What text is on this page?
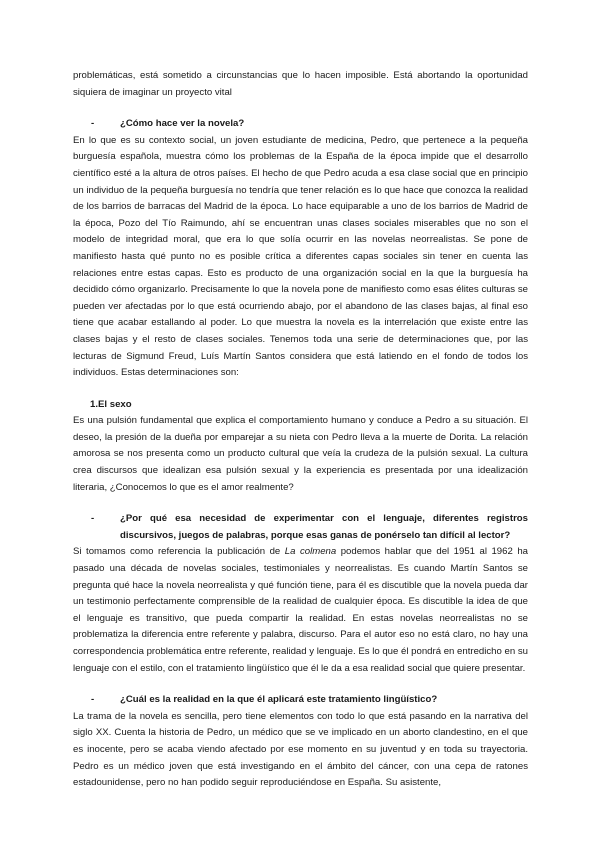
problemáticas, está sometido a circunstancias que lo hacen imposible. Está abortando la oportunidad siquiera de imaginar un proyecto vital

-	¿Cómo hace ver la novela?

En lo que es su contexto social, un joven estudiante de medicina, Pedro, que pertenece a la pequeña burguesía española, muestra cómo los problemas de la España de la época impide que el desarrollo científico esté a la altura de otros países. El hecho de que Pedro acuda a esa clase social que en principio un individuo de la pequeña burguesía no tendría que tener relación es lo que hace que conozca la realidad de los barrios de barracas del Madrid de la época. Lo hace equiparable a uno de los barrios de Madrid de la época, Pozo del Tío Raimundo, ahí se encuentran unas clases sociales miserables que no son el modelo de integridad moral, que era lo que solía ocurrir en las novelas neorrealistas. Se pone de manifiesto hasta qué punto no es posible crítica a diferentes capas sociales sin tener en cuenta las relaciones entre estas capas. Esto es producto de una organización social en la que la burguesía ha decidido cómo organizarlo. Precisamente lo que la novela pone de manifiesto como esas élites culturas se pueden ver afectadas por lo que está ocurriendo abajo, por el abandono de las clases bajas, al final eso tiene que acabar estallando al poder. Lo que muestra la novela es la interrelación que existe entre las clases bajas y el resto de clases sociales. Tenemos toda una serie de determinaciones que, por las lecturas de Sigmund Freud, Luís Martín Santos considera que está latiendo en el fondo de todos los individuos. Estas determinaciones son:

1. El sexo

Es una pulsión fundamental que explica el comportamiento humano y conduce a Pedro a su situación. El deseo, la presión de la dueña por emparejar a su nieta con Pedro lleva a la muerte de Dorita. La relación amorosa se nos presenta como un producto cultural que veía la crudeza de la pulsión sexual. La cultura crea discursos que idealizan esa pulsión sexual y la experiencia es presentada por una idealización literaria, ¿Conocemos lo que es el amor realmente?

-	¿Por qué esa necesidad de experimentar con el lenguaje, diferentes registros discursivos, juegos de palabras, porque esas ganas de ponérselo tan difícil al lector?

Si tomamos como referencia la publicación de La colmena podemos hablar que del 1951 al 1962 ha pasado una década de novelas sociales, testimoniales y neorrealistas. Es cuando Martín Santos se pregunta qué hace la novela neorrealista y qué función tiene, para él es discutible que la novela pueda dar un testimonio perfectamente comprensible de la realidad de cualquier época. Es discutible la idea de que el lenguaje es transitivo, que pueda compartir la realidad. En estas novelas neorrealistas no se problematiza la diferencia entre referente y palabra, discurso. Para el autor eso no está claro, no hay una correspondencia problemática entre referente, realidad y lenguaje. Es lo que él pondrá en entredicho en su lenguaje con el estilo, con el tratamiento lingüístico que él le da a esa realidad social que quiere presentar.

-	¿Cuál es la realidad en la que él aplicará este tratamiento lingüístico?

La trama de la novela es sencilla, pero tiene elementos con todo lo que está pasando en la narrativa del siglo XX. Cuenta la historia de Pedro, un médico que se ve implicado en un aborto clandestino, en el que es inocente, pero se acaba viendo afectado por ese momento en su juventud y en toda su trayectoria. Pedro es un médico joven que está investigando en el ámbito del cáncer, con una cepa de ratones estadounidense, pero no han podido seguir reproduciéndose en España. Su asistente,
